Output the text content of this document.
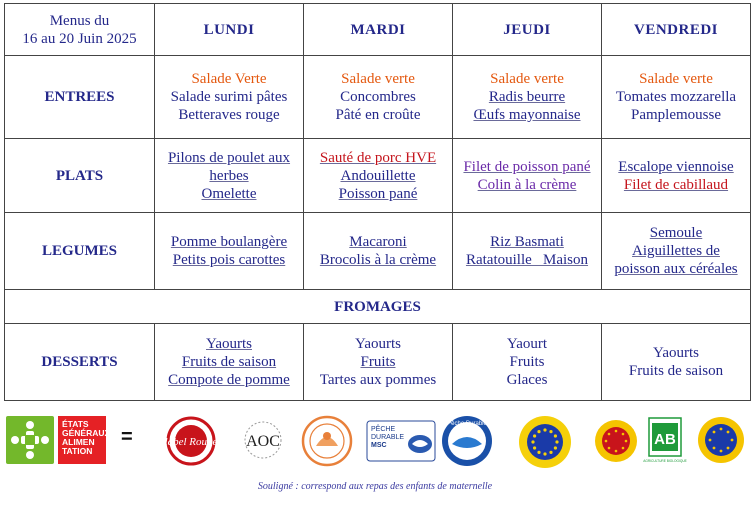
Menus du
16 au 20 Juin 2025	LUNDI	MARDI	JEUDI	VENDREDI
ENTREES	Salade Verte
Salade surimi pâtes
Betteraves rouge	Salade verte
Concombres
Pâté en croûte	Salade verte
Radis beurre
Œufs mayonnaise	Salade verte
Tomates mozzarella
Pamplemousse

PLATS	Pilons de poulet aux
herbes
Omelette	Sauté de porc HVE
Andouillette
Poisson pané	Filet de poisson pané
Colin à la crème	Escalope viennoise
Filet de cabillaud

LEGUMES	Pomme boulangère
Petits pois carottes	Macaroni
Brocolis à la crème	Riz Basmati
Ratatouille   Maison	Semoule
Aiguillettes de
poisson aux céréales

FROMAGES				
DESSERTS	Yaourts
Fruits de saison
Compote de pomme	Yaourts
Fruits
Tartes aux pommes	Yaourt
Fruits
Glaces	Yaourts
Fruits de saison
ÉTATS
GÉNÉRAUX
ALIMEN
TATION
=	label Rouge AOC
PÊCHE
DURABLE
MSC
Pêche Durable
AB
AGRICULTURE BIOLOGIQUE
Souligné : correspond aux repas des enfants de maternelle
